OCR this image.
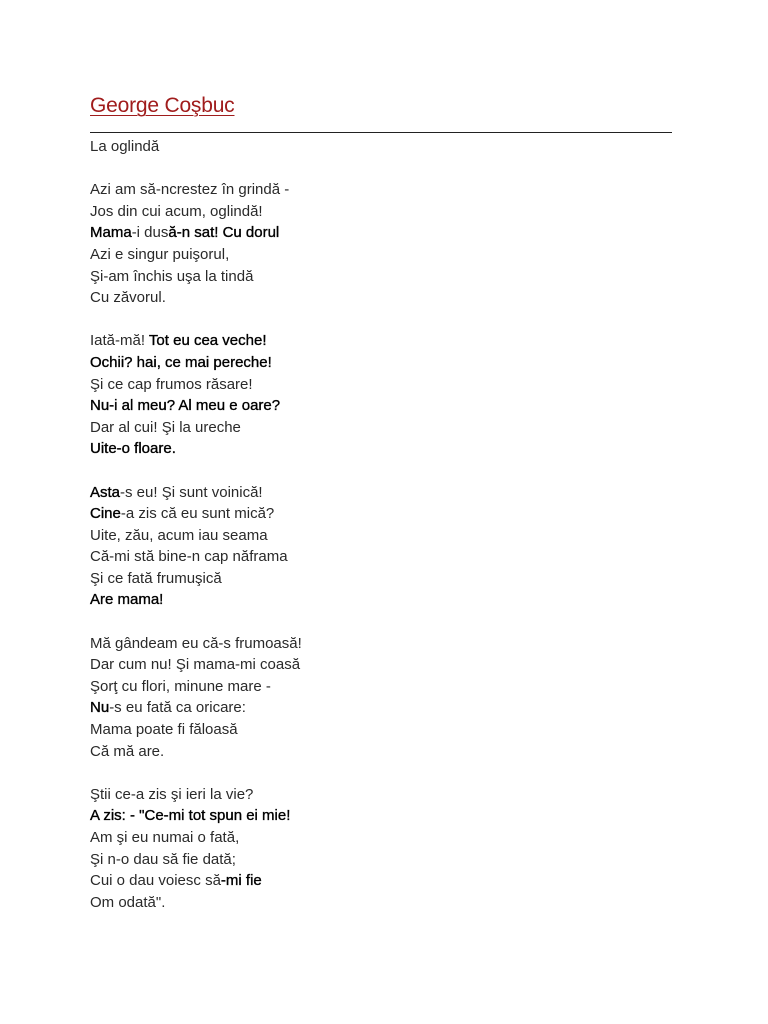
George Coşbuc
La oglindă
Azi am să-ncrestez în grindă -
Jos din cui acum, oglindă!
Mama-i dusă-n sat! Cu dorul
Azi e singur puişorul,
Şi-am închis uşa la tindă
Cu zăvorul.
Iată-mă! Tot eu cea veche!
Ochii? hai, ce mai pereche!
Şi ce cap frumos răsare!
Nu-i al meu? Al meu e oare?
Dar al cui! Şi la ureche
Uite-o floare.
Asta-s eu! Şi sunt voinică!
Cine-a zis că eu sunt mică?
Uite, zău, acum iau seama
Că-mi stă bine-n cap năframa
Şi ce fată frumuşică
Are mama!
Mă gândeam eu că-s frumoasă!
Dar cum nu! Şi mama-mi coasă
Şorţ cu flori, minune mare -
Nu-s eu fată ca oricare:
Mama poate fi făloasă
Că mă are.
Ştii ce-a zis şi ieri la vie?
A zis: - "Ce-mi tot spun ei mie!
Am şi eu numai o fată,
Şi n-o dau să fie dată;
Cui o dau voiesc să-mi fie
Om odată".
